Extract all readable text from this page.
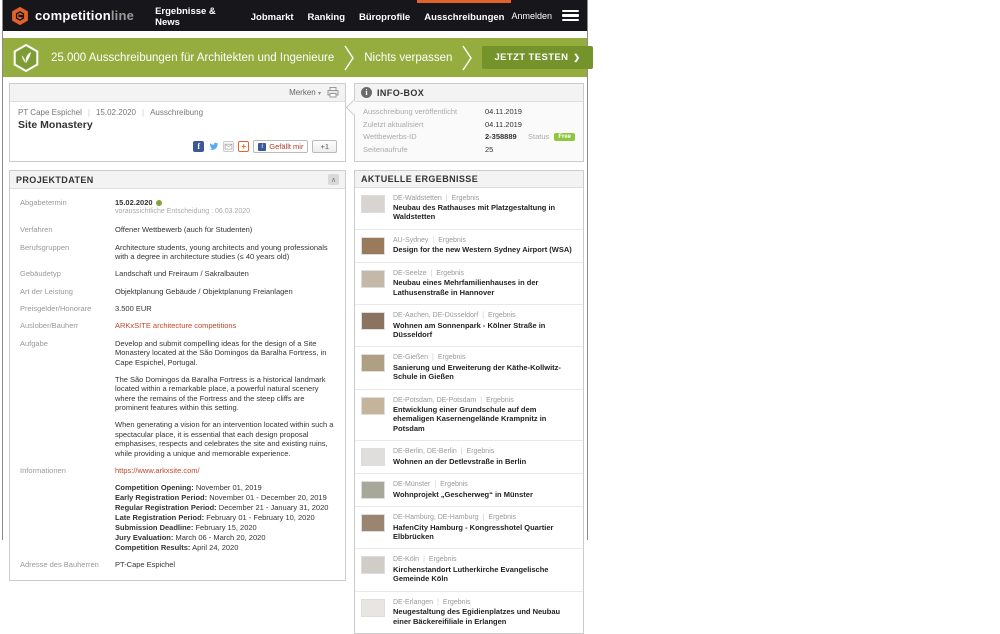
competitionline	Ergebnisse & News	Jobmarkt	Ranking	Büroprofile	Ausschreibungen Anmelden
25.000 Ausschreibungen für Architekten und Ingenieure	Nichts verpassen	JETZT TESTEN ❯
Merken ▾
PT Cape Espichel | 15.02.2020 | Ausschreibung
Site Monastery
f	+	f Gefällt mir	+1
PROJEKTDATEN	∧
Abgabetermin	15.02.2020
voraussichtliche Entscheidung : 06.03.2020
Verfahren	Offener Wettbewerb (auch für Studenten)
Berufsgruppen	Architecture students, young architects and young professionals with a degree in architecture studies (≤ 40 years old)
Gebäudetyp	Landschaft und Freiraum / Sakralbauten
Art der Leistung	Objektplanung Gebäude / Objektplanung Freianlagen
Preisgelder/Honorare	3.500 EUR
Auslober/Bauherr	ARKxSITE architecture competitions
Aufgabe	Develop and submit compelling ideas for the design of a Site Monastery located at the São Domingos da Baralha Fortress, in Cape Espichel, Portugal.
The São Domingos da Baralha Fortress is a historical landmark located within a remarkable place, a powerful natural scenery where the remains of the Fortress and the steep cliffs are prominent features within this setting.
When generating a vision for an intervention located within such a spectacular place, it is essential that each design proposal emphasises, respects and celebrates the site and existing ruins, while providing a unique and memorable experience.
Informationen	https://www.arkxsite.com/
Competition Opening: November 01, 2019
Early Registration Period: November 01 - December 20, 2019
Regular Registration Period: December 21 - January 31, 2020
Late Registration Period: February 01 - February 10, 2020
Submission Deadline: February 15, 2020
Jury Evaluation: March 06 - March 20, 2020
Competition Results: April 24, 2020
Adresse des Bauherren	PT-Cape Espichel
i	INFO-BOX
Ausschreibung veröffentlicht	04.11.2019
Zuletzt aktualisiert	04.11.2019
Wettbewerbs-ID	2-358889 Status	Free
Seitenaufrufe	25
AKTUELLE ERGEBNISSE
DE-Waldstetten | Ergebnis
Neubau des Rathauses mit Platzgestaltung in Waldstetten
AU-Sydney | Ergebnis
Design for the new Western Sydney Airport (WSA)
DE-Seelze | Ergebnis
Neubau eines Mehrfamilienhauses in der Lathusenstraße in Hannover
DE-Aachen, DE-Düsseldorf | Ergebnis
Wohnen am Sonnenpark - Kölner Straße in Düsseldorf
DE-Gießen | Ergebnis
Sanierung und Erweiterung der Käthe-Kollwitz-Schule in Gießen
DE-Potsdam, DE-Potsdam | Ergebnis
Entwicklung einer Grundschule auf dem ehemaligen Kasernengelände Krampnitz in Potsdam
DE-Berlin, DE-Berlin | Ergebnis
Wohnen an der Detlevstraße in Berlin
DE-Münster | Ergebnis
Wohnprojekt „Gescherweg“ in Münster
DE-Hamburg, DE-Hamburg | Ergebnis
HafenCity Hamburg - Kongresshotel Quartier Elbbrücken
DE-Köln | Ergebnis
Kirchenstandort Lutherkirche Evangelische Gemeinde Köln
DE-Erlangen | Ergebnis
Neugestaltung des Egidienplatzes und Neubau einer Bäckereifiliale in Erlangen
